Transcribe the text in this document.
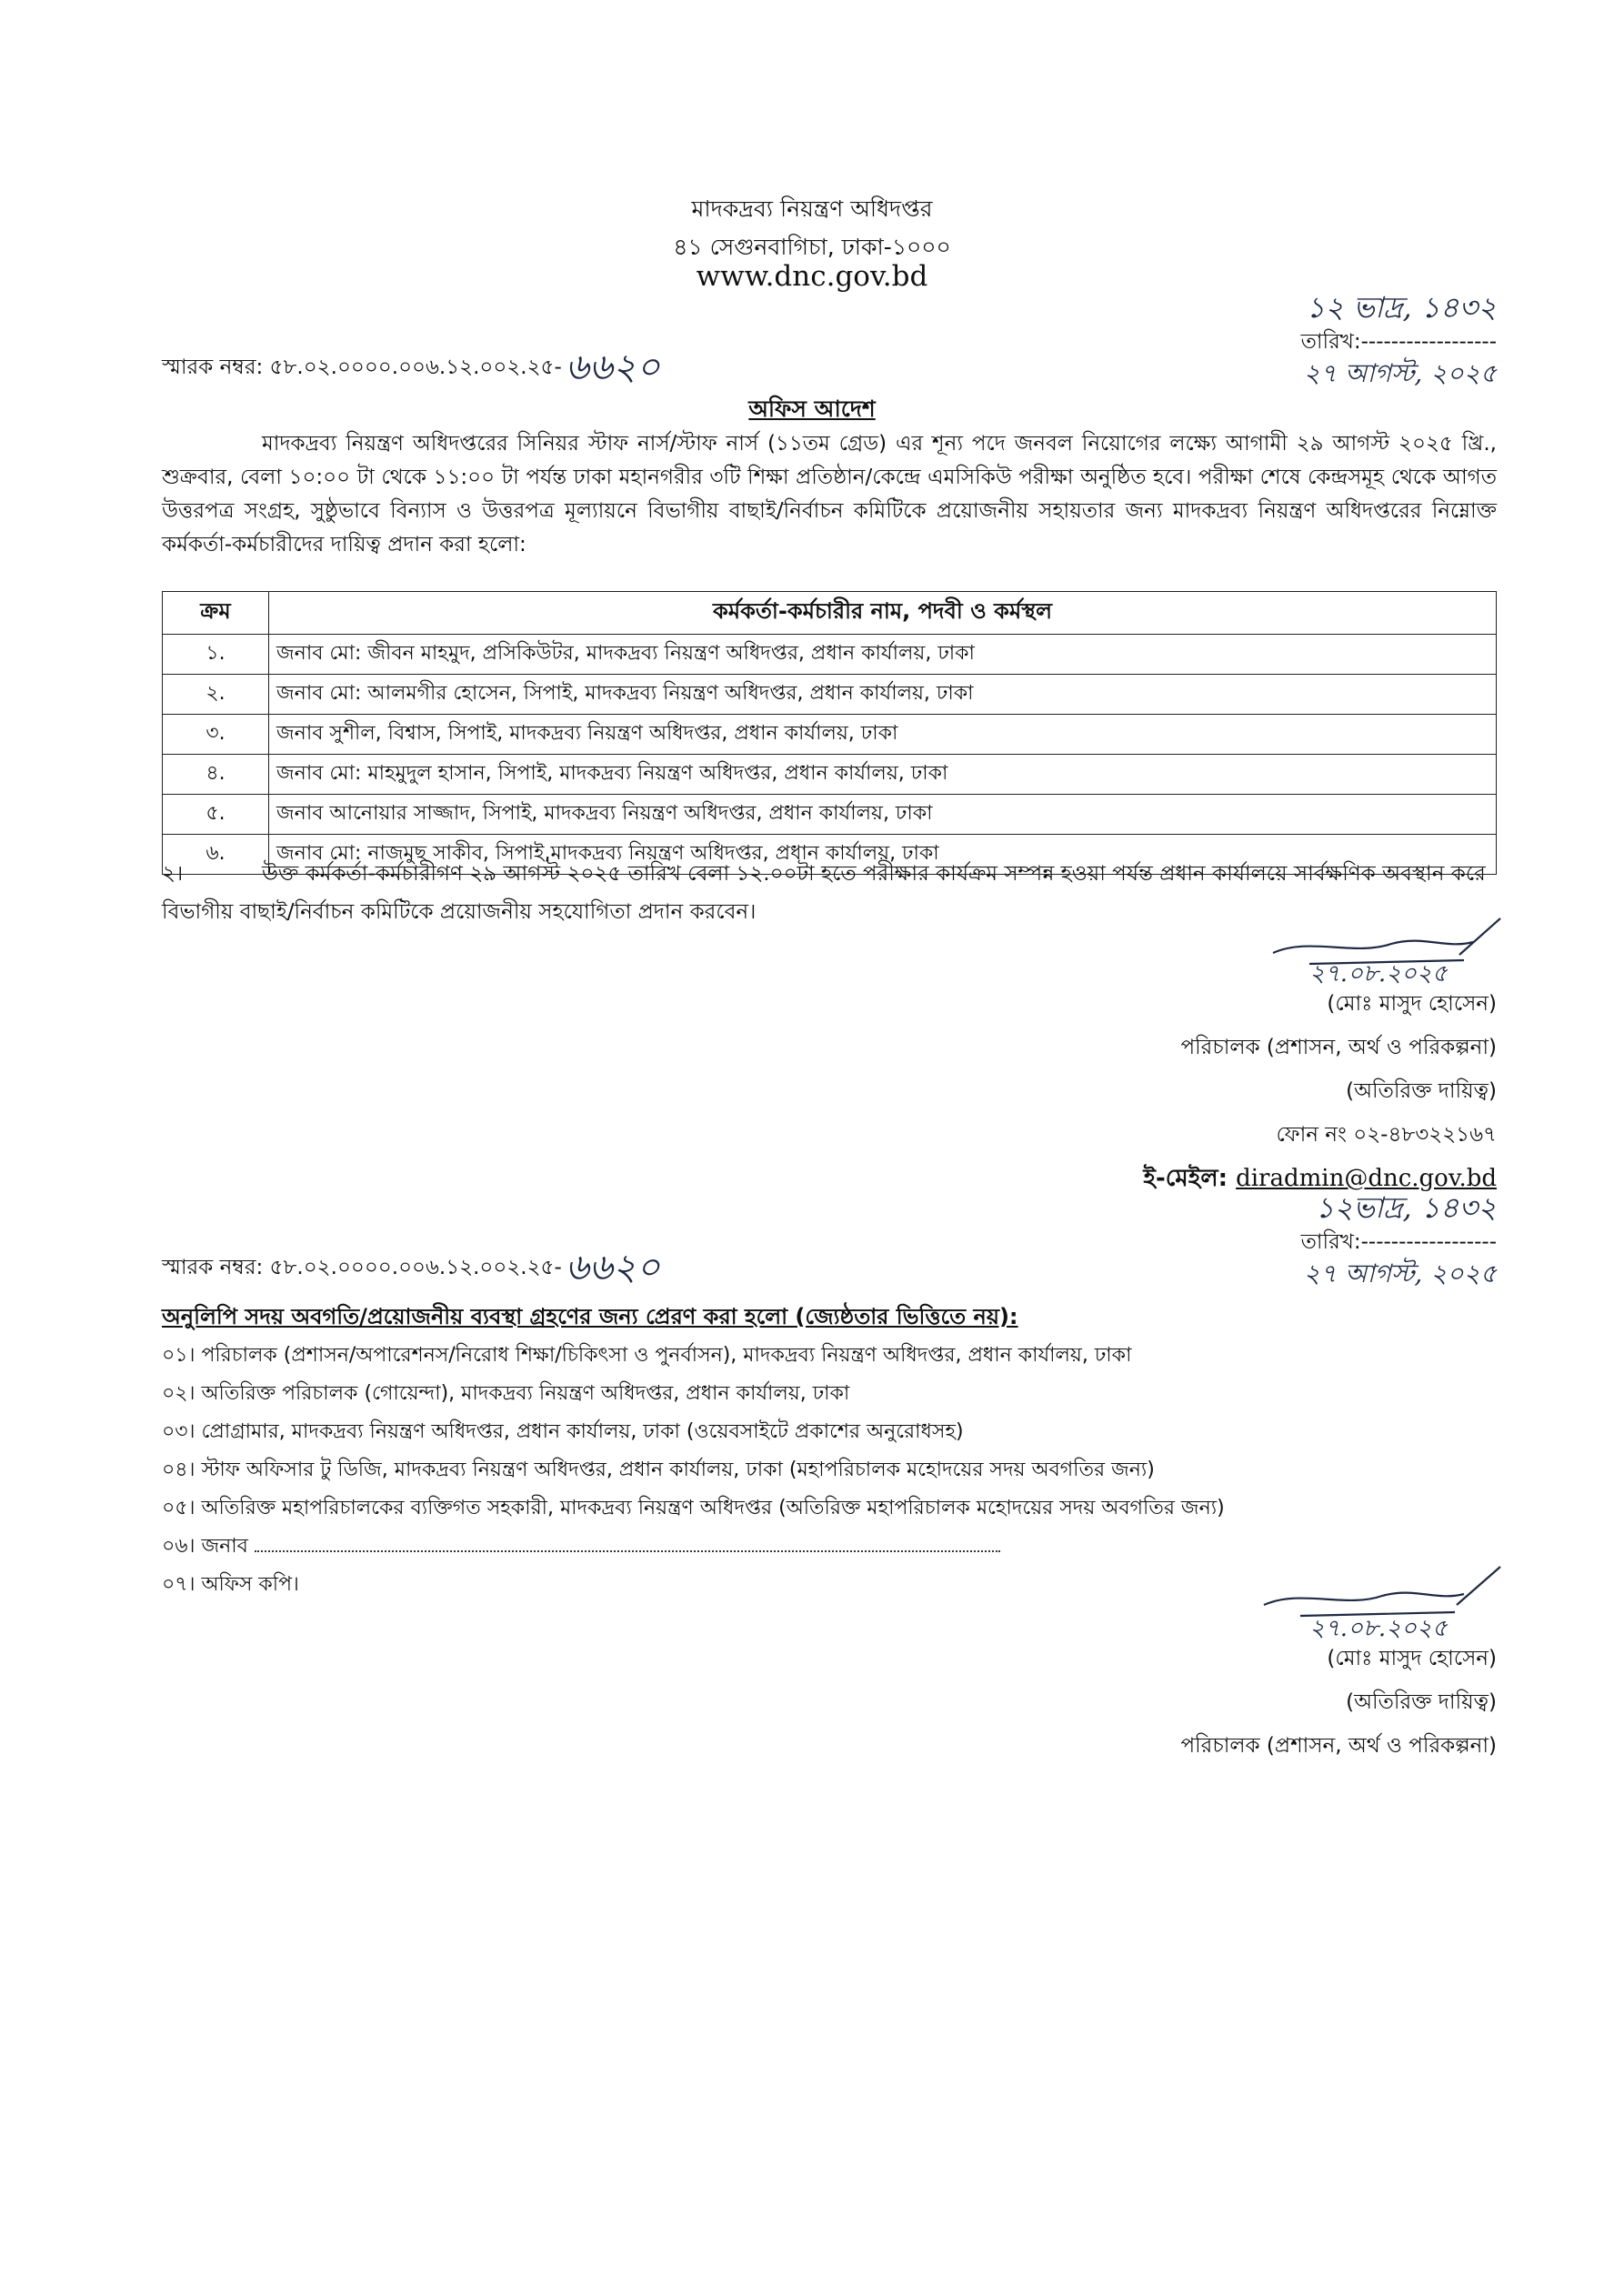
মাদকদ্রব্য নিয়ন্ত্রণ অধিদপ্তর
৪১ সেগুনবাগিচা, ঢাকা-১০০০
www.dnc.gov.bd
স্মারক নম্বর: ৫৮.০২.০০০০.০০৬.১২.০০২.২৫- ৬৬২০
১২ ভাদ্র, ১৪৩২
তারিখ:------------------
২৭ আগস্ট, ২০২৫
অফিস আদেশ
মাদকদ্রব্য নিয়ন্ত্রণ অধিদপ্তরের সিনিয়র স্টাফ নার্স/স্টাফ নার্স (১১তম গ্রেড) এর শূন্য পদে জনবল নিয়োগের লক্ষ্যে আগামী ২৯ আগস্ট ২০২৫ খ্রি., শুক্রবার, বেলা ১০:০০ টা থেকে ১১:০০ টা পর্যন্ত ঢাকা মহানগরীর ৩টি শিক্ষা প্রতিষ্ঠান/কেন্দ্রে এমসিকিউ পরীক্ষা অনুষ্ঠিত হবে। পরীক্ষা শেষে কেন্দ্রসমূহ থেকে আগত উত্তরপত্র সংগ্রহ, সুষ্ঠুভাবে বিন্যাস ও উত্তরপত্র মূল্যায়নে বিভাগীয় বাছাই/নির্বাচন কমিটিকে প্রয়োজনীয় সহায়তার জন্য মাদকদ্রব্য নিয়ন্ত্রণ অধিদপ্তরের নিম্নোক্ত কর্মকর্তা-কর্মচারীদের দায়িত্ব প্রদান করা হলো:
ক্রম	কর্মকর্তা-কর্মচারীর নাম, পদবী ও কর্মস্থল
১.	জনাব মো: জীবন মাহমুদ, প্রসিকিউটর, মাদকদ্রব্য নিয়ন্ত্রণ অধিদপ্তর, প্রধান কার্যালয়, ঢাকা
২.	জনাব মো: আলমগীর হোসেন, সিপাই, মাদকদ্রব্য নিয়ন্ত্রণ অধিদপ্তর, প্রধান কার্যালয়, ঢাকা
৩.	জনাব সুশীল, বিশ্বাস, সিপাই, মাদকদ্রব্য নিয়ন্ত্রণ অধিদপ্তর, প্রধান কার্যালয়, ঢাকা
৪.	জনাব মো: মাহমুদুল হাসান, সিপাই, মাদকদ্রব্য নিয়ন্ত্রণ অধিদপ্তর, প্রধান কার্যালয়, ঢাকা
৫.	জনাব আনোয়ার সাজ্জাদ, সিপাই, মাদকদ্রব্য নিয়ন্ত্রণ অধিদপ্তর, প্রধান কার্যালয়, ঢাকা
৬.	জনাব মো: নাজমুছ সাকীব, সিপাই,মাদকদ্রব্য নিয়ন্ত্রণ অধিদপ্তর, প্রধান কার্যালয়, ঢাকা
২।	উক্ত কর্মকর্তা-কর্মচারীগণ ২৯ আগস্ট ২০২৫ তারিখ বেলা ১২.০০টা হতে পরীক্ষার কার্যক্রম সম্পন্ন হওয়া পর্যন্ত প্রধান কার্যালয়ে সার্বক্ষণিক অবস্থান করে বিভাগীয় বাছাই/নির্বাচন কমিটিকে প্রয়োজনীয় সহযোগিতা প্রদান করবেন।
২৭.০৮.২০২৫
(মোঃ মাসুদ হোসেন)
পরিচালক (প্রশাসন, অর্থ ও পরিকল্পনা)
(অতিরিক্ত দায়িত্ব)
ফোন নং ০২-৪৮৩২২১৬৭
ই-মেইল: diradmin@dnc.gov.bd
স্মারক নম্বর: ৫৮.০২.০০০০.০০৬.১২.০০২.২৫- ৬৬২০
১২ভাদ্র, ১৪৩২
তারিখ:------------------
২৭ আগস্ট, ২০২৫
অনুলিপি সদয় অবগতি/প্রয়োজনীয় ব্যবস্থা গ্রহণের জন্য প্রেরণ করা হলো (জ্যেষ্ঠতার ভিত্তিতে নয়):
০১। পরিচালক (প্রশাসন/অপারেশনস/নিরোধ শিক্ষা/চিকিৎসা ও পুনর্বাসন), মাদকদ্রব্য নিয়ন্ত্রণ অধিদপ্তর, প্রধান কার্যালয়, ঢাকা
০২। অতিরিক্ত পরিচালক (গোয়েন্দা), মাদকদ্রব্য নিয়ন্ত্রণ অধিদপ্তর, প্রধান কার্যালয়, ঢাকা
০৩। প্রোগ্রামার, মাদকদ্রব্য নিয়ন্ত্রণ অধিদপ্তর, প্রধান কার্যালয়, ঢাকা (ওয়েবসাইটে প্রকাশের অনুরোধসহ)
০৪। স্টাফ অফিসার টু ডিজি, মাদকদ্রব্য নিয়ন্ত্রণ অধিদপ্তর, প্রধান কার্যালয়, ঢাকা (মহাপরিচালক মহোদয়ের সদয় অবগতির জন্য)
০৫। অতিরিক্ত মহাপরিচালকের ব্যক্তিগত সহকারী, মাদকদ্রব্য নিয়ন্ত্রণ অধিদপ্তর (অতিরিক্ত মহাপরিচালক মহোদয়ের সদয় অবগতির জন্য)
০৬। জনাব
০৭। অফিস কপি।
২৭.০৮.২০২৫
(মোঃ মাসুদ হোসেন)
(অতিরিক্ত দায়িত্ব)
পরিচালক (প্রশাসন, অর্থ ও পরিকল্পনা)
